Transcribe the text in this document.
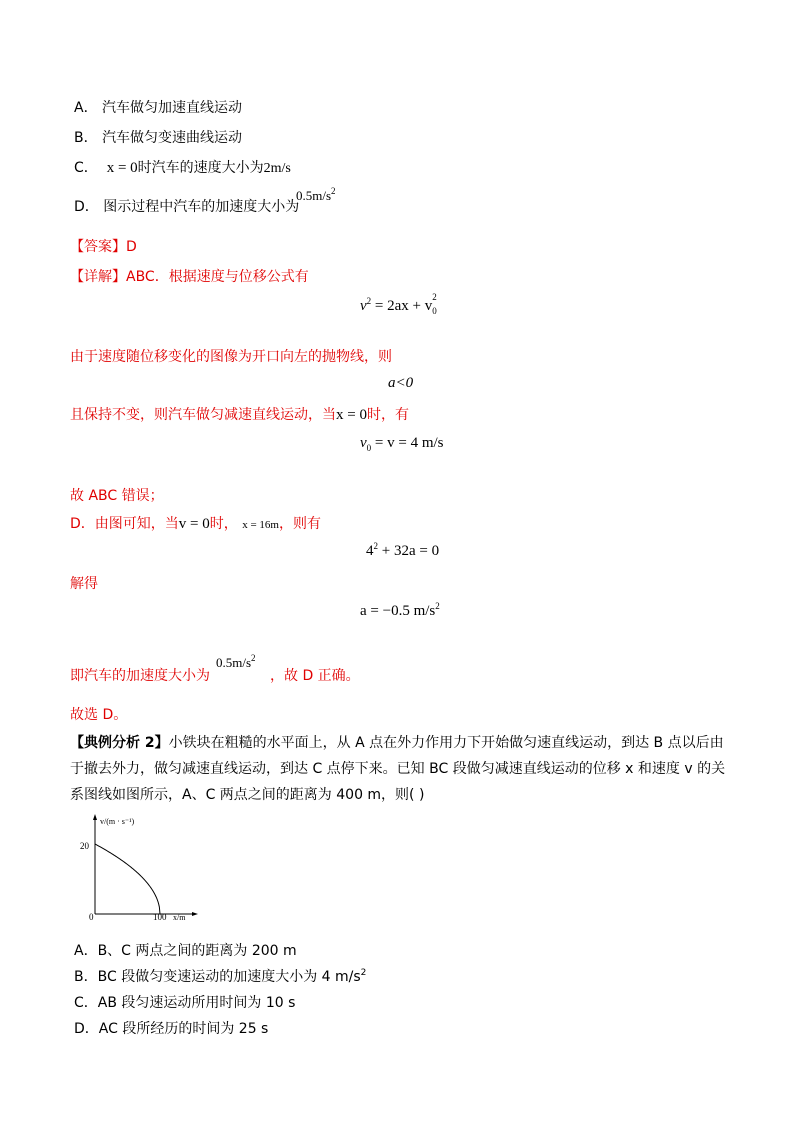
A． 汽车做匀加速直线运动
B． 汽车做匀变速曲线运动
C．  x = 0时汽车的速度大小为2m/s
D． 图示过程中汽车的加速度大小为
$0.5m/s^2$
【答案】D
【详解】ABC．根据速度与位移公式有
$v^2 = 2ax + v$
2
$_0$
由于速度随位移变化的图像为开口向左的抛物线，则
a<0
且保持不变，则汽车做匀减速直线运动，当x = 0时，有
$v_0 = v = 4$ m/s
故 ABC 错误；
D．由图可知，当v = 0时， x = 16m，则有
$4^2 + 32a = 0$
解得
a = −0.5 $m/s^2$
即汽车的加速度大小为
$0.5m/s^2$
，故 D 正确。
故选 D。
【典例分析 2】小铁块在粗糙的水平面上，从 A 点在外力作用力下开始做匀速直线运动，到达 B 点以后由
于撤去外力，做匀减速直线运动，到达 C 点停下来。已知 BC 段做匀减速直线运动的位移 x 和速度 v 的关
系图线如图所示，A、C 两点之间的距离为 400 m，则( )
v/(m · s⁻¹)
x/m
0	100
20
A．B、C 两点之间的距离为 200 m
B．BC 段做匀变速运动的加速度大小为 4 $m/s^2$
C．AB 段匀速运动所用时间为 10 s
D．AC 段所经历的时间为 25 s
